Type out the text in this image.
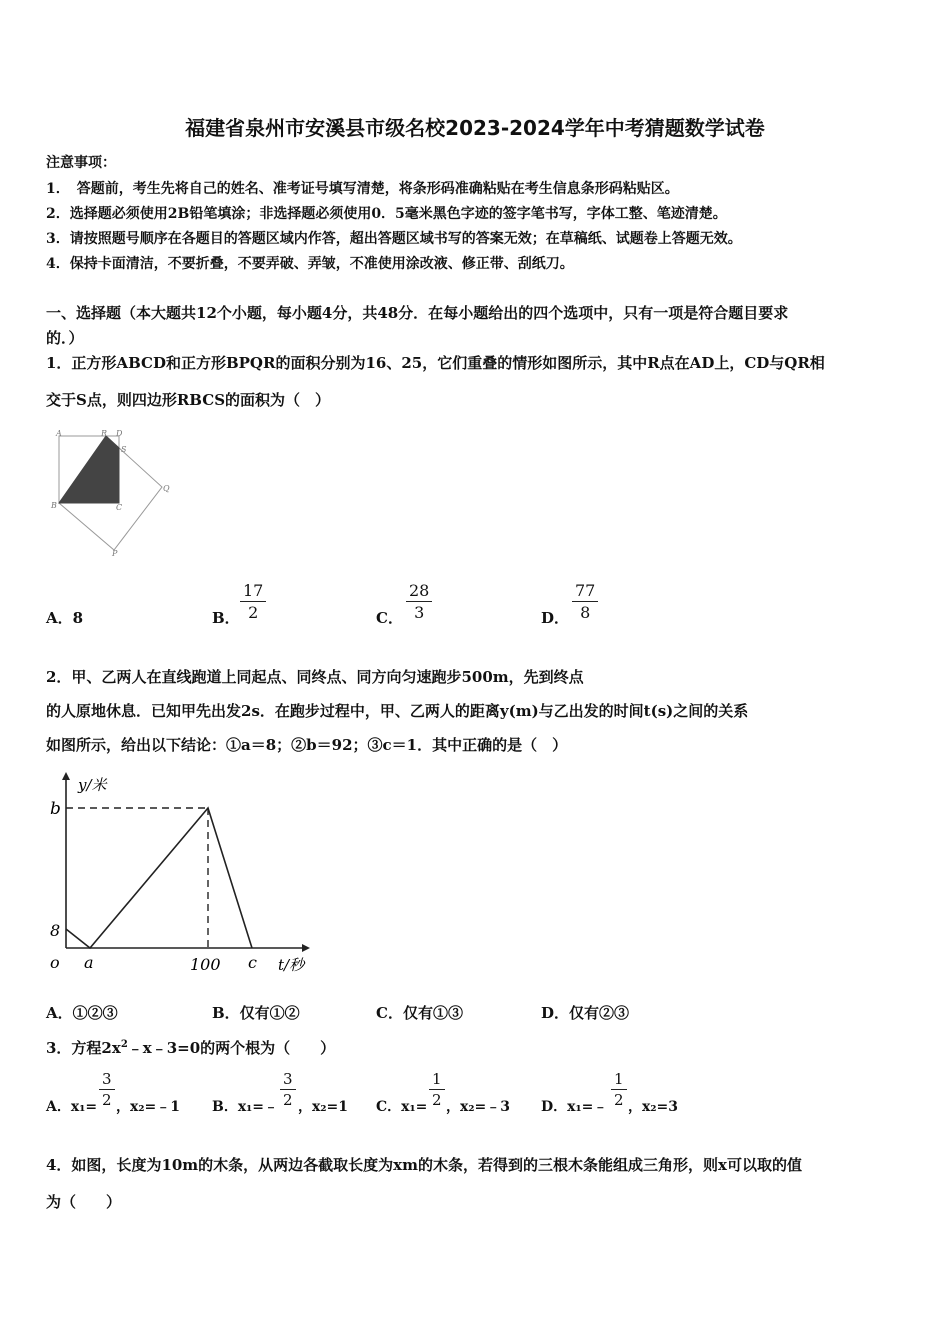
福建省泉州市安溪县市级名校2023-2024学年中考猜题数学试卷
注意事项：
1．　答题前，考生先将自己的姓名、准考证号填写清楚，将条形码准确粘贴在考生信息条形码粘贴区。
2．选择题必须使用2B铅笔填涂；非选择题必须使用0．5毫米黑色字迹的签字笔书写，字体工整、笔迹清楚。
3．请按照题号顺序在各题目的答题区域内作答，超出答题区域书写的答案无效；在草稿纸、试题卷上答题无效。
4．保持卡面清洁，不要折叠，不要弄破、弄皱，不准使用涂改液、修正带、刮纸刀。
一、选择题（本大题共12个小题，每小题4分，共48分．在每小题给出的四个选项中，只有一项是符合题目要求
的．）
1．正方形ABCD和正方形BPQR的面积分别为16、25，它们重叠的情形如图所示，其中R点在AD上，CD与QR相
交于S点，则四边形RBCS的面积为（　）
A	R D
S
B	C
Q
P
A．8	B． $\frac{17}{2}$	C． $\frac{28}{3}$	D． $\frac{77}{8}$
2．甲、乙两人在直线跑道上同起点、同终点、同方向匀速跑步500m，先到终点
的人原地休息．已知甲先出发2s．在跑步过程中，甲、乙两人的距离y(m)与乙出发的时间t(s)之间的关系
如图所示，给出以下结论：①a＝8；②b＝92；③c＝1．其中正确的是（　）
y/米
b
8
o a	100 c t/秒
A．①②③	B．仅有①②	C．仅有①③	D．仅有②③
3．方程$2x^2﹣x﹣3=0$的两个根为（　　）
A．$x_1= \frac{3}{2}$ ，x₂=﹣1 B．x₁=﹣ $\frac{3}{2}$ ，x₂=1 C．$x_1= \frac{1}{2}$ ，x₂=﹣3 D．x₁=﹣ $\frac{1}{2}$ ，x₂=3
4．如图，长度为10m的木条，从两边各截取长度为xm的木条，若得到的三根木条能组成三角形，则x可以取的值
为（　　）
